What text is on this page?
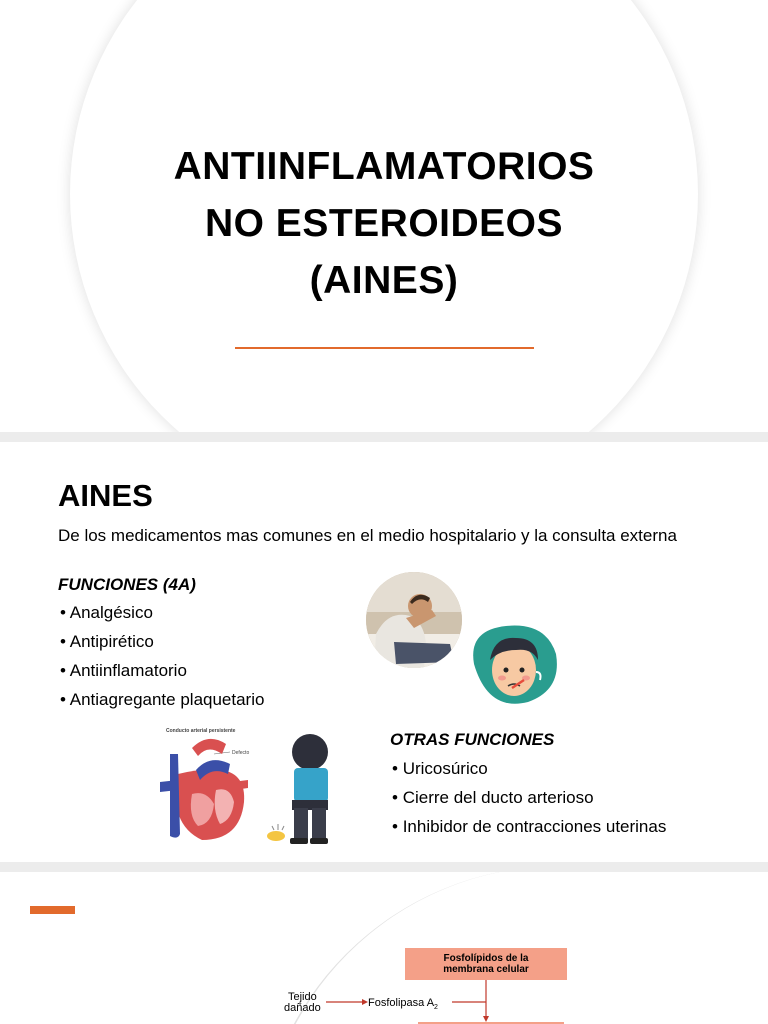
ANTIINFLAMATORIOS
NO ESTEROIDEOS
(AINES)
AINES
De los medicamentos mas comunes en el medio hospitalario y la consulta externa
FUNCIONES (4A)
• Analgésico
• Antipirético
• Antiinflamatorio
• Antiagregante plaquetario
Conducto arterial persistente
Defecto
OTRAS FUNCIONES
• Uricosúrico
• Cierre del ducto arterioso
• Inhibidor de contracciones uterinas
Fosfolípidos de la
membrana celular
Tejido
dañado	Fosfolipasa $A_2$
